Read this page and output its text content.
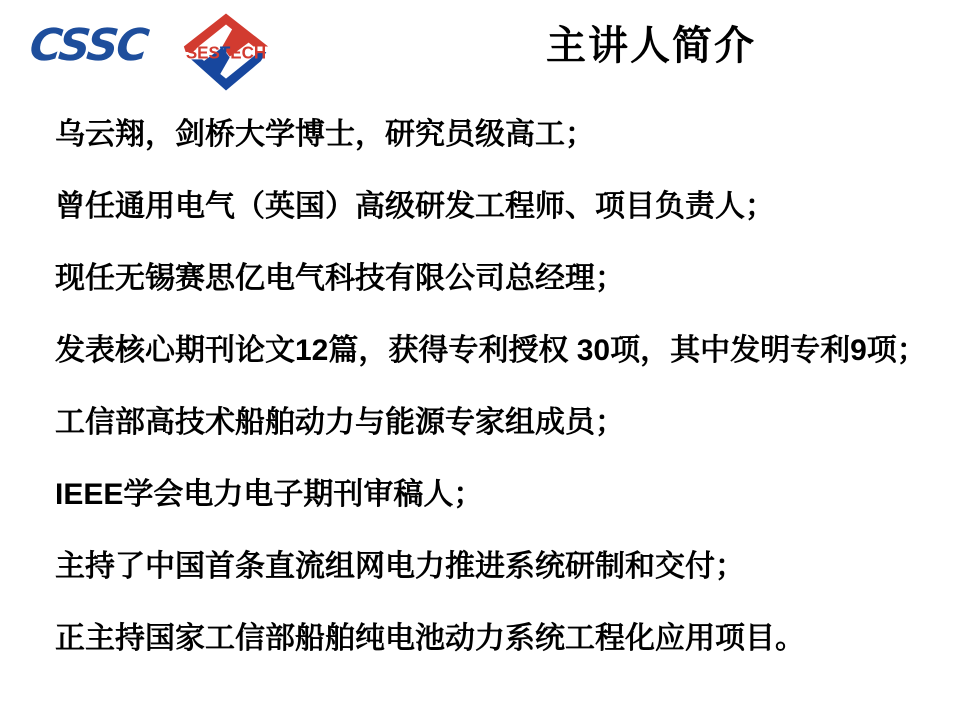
CSSC	SESTECH	主讲人简介
乌云翔，剑桥大学博士，研究员级高工；
曾任通用电气（英国）高级研发工程师、项目负责人；
现任无锡赛思亿电气科技有限公司总经理；
发表核心期刊论文12篇，获得专利授权 30项，其中发明专利9项；
工信部高技术船舶动力与能源专家组成员；
IEEE学会电力电子期刊审稿人；
主持了中国首条直流组网电力推进系统研制和交付；
正主持国家工信部船舶纯电池动力系统工程化应用项目。
